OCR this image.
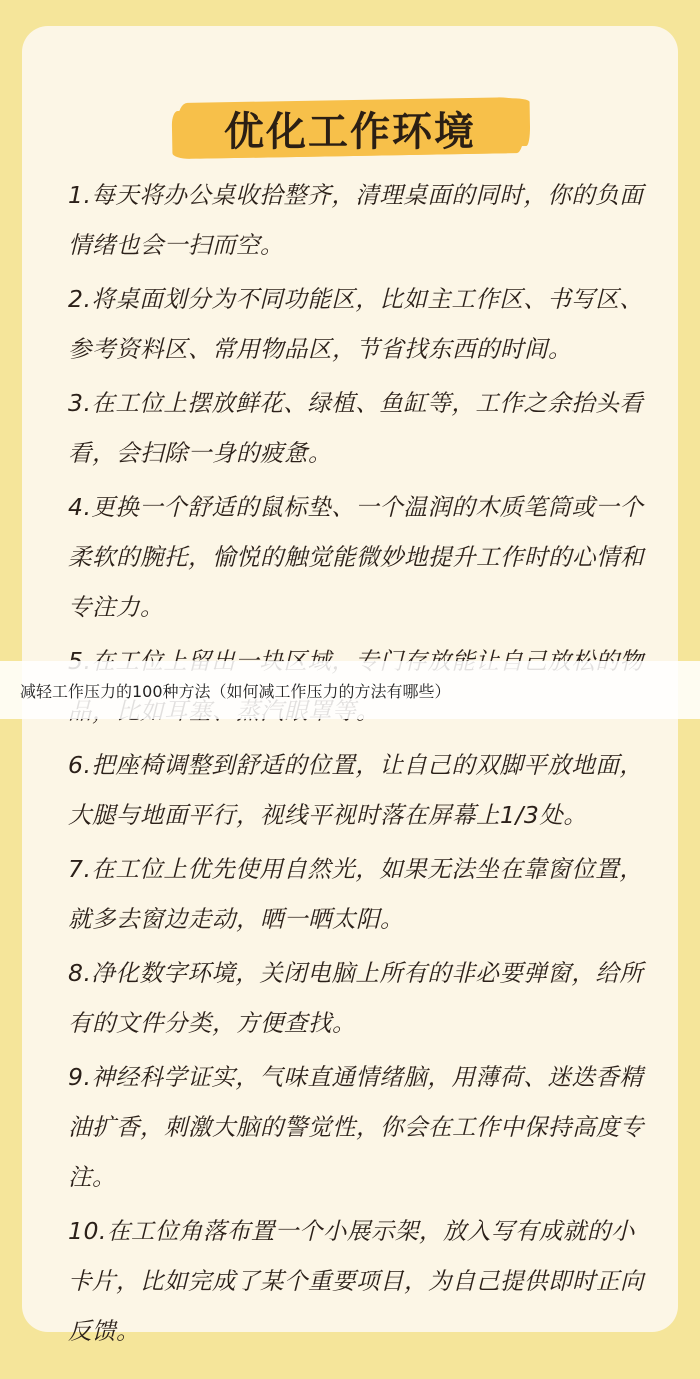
优化工作环境
1.每天将办公桌收拾整齐，清理桌面的同时，你的负面情绪也会一扫而空。
2.将桌面划分为不同功能区，比如主工作区、书写区、参考资料区、常用物品区，节省找东西的时间。
3.在工位上摆放鲜花、绿植、鱼缸等，工作之余抬头看看，会扫除一身的疲惫。
4.更换一个舒适的鼠标垫、一个温润的木质笔筒或一个柔软的腕托，愉悦的触觉能微妙地提升工作时的心情和专注力。
6.把座椅调整到舒适的位置，让自己的双脚平放地面，大腿与地面平行，视线平视时落在屏幕上1/3处。
7.在工位上优先使用自然光，如果无法坐在靠窗位置，就多去窗边走动，晒一晒太阳。
8.净化数字环境，关闭电脑上所有的非必要弹窗，给所有的文件分类，方便查找。
9.神经科学证实，气味直通情绪脑，用薄荷、迷迭香精油扩香，刺激大脑的警觉性，你会在工作中保持高度专注。
10.在工位角落布置一个小展示架，放入写有成就的小卡片，比如完成了某个重要项目，为自己提供即时正向反馈。
减轻工作压力的100种方法（如何减工作压力的方法有哪些）
